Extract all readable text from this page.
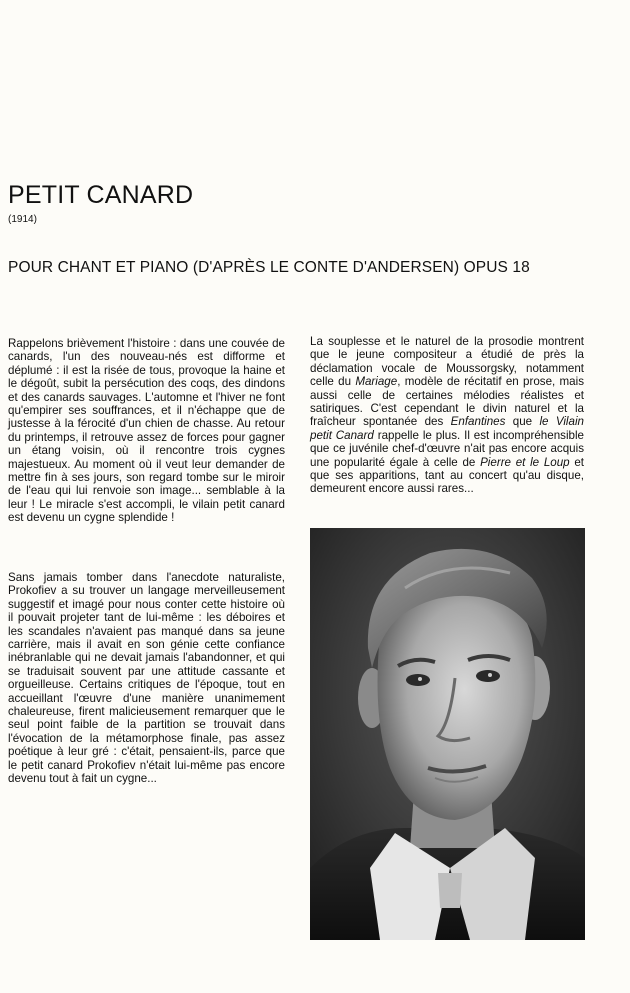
PETIT CANARD
(1914)
POUR CHANT ET PIANO (D'APRÈS LE CONTE D'ANDERSEN) OPUS 18

Rappelons brièvement l'histoire : dans une couvée de canards, l'un des nouveau-nés est difforme et déplumé : il est la risée de tous, provoque la haine et le dégoût, subit la persécution des coqs, des dindons et des canards sauvages. L'automne et l'hiver ne font qu'empirer ses souffrances, et il n'échappe que de justesse à la férocité d'un chien de chasse. Au retour du printemps, il retrouve assez de forces pour gagner un étang voisin, où il rencontre trois cygnes majestueux. Au moment où il veut leur demander de mettre fin à ses jours, son regard tombe sur le miroir de l'eau qui lui renvoie son image... semblable à la leur ! Le miracle s'est accompli, le vilain petit canard est devenu un cygne splendide !

Sans jamais tomber dans l'anecdote naturaliste, Prokofiev a su trouver un langage merveilleusement suggestif et imagé pour nous conter cette histoire où il pouvait projeter tant de lui-même : les déboires et les scandales n'avaient pas manqué dans sa jeune carrière, mais il avait en son génie cette confiance inébranlable qui ne devait jamais l'abandonner, et qui se traduisait souvent par une attitude cassante et orgueilleuse. Certains critiques de l'époque, tout en accueillant l'œuvre d'une manière unanimement chaleureuse, firent malicieusement remarquer que le seul point faible de la partition se trouvait dans l'évocation de la métamorphose finale, pas assez poétique à leur gré : c'était, pensaient-ils, parce que le petit canard Prokofiev n'était lui-même pas encore devenu tout à fait un cygne...

La souplesse et le naturel de la prosodie montrent que le jeune compositeur a étudié de près la déclamation vocale de Moussorgsky, notamment celle du Mariage, modèle de récitatif en prose, mais aussi celle de certaines mélodies réalistes et satiriques. C'est cependant le divin naturel et la fraîcheur spontanée des Enfantines que le Vilain petit Canard rappelle le plus. Il est incompréhensible que ce juvénile chef-d'œuvre n'ait pas encore acquis une popularité égale à celle de Pierre et le Loup et que ses apparitions, tant au concert qu'au disque, demeurent encore aussi rares...
